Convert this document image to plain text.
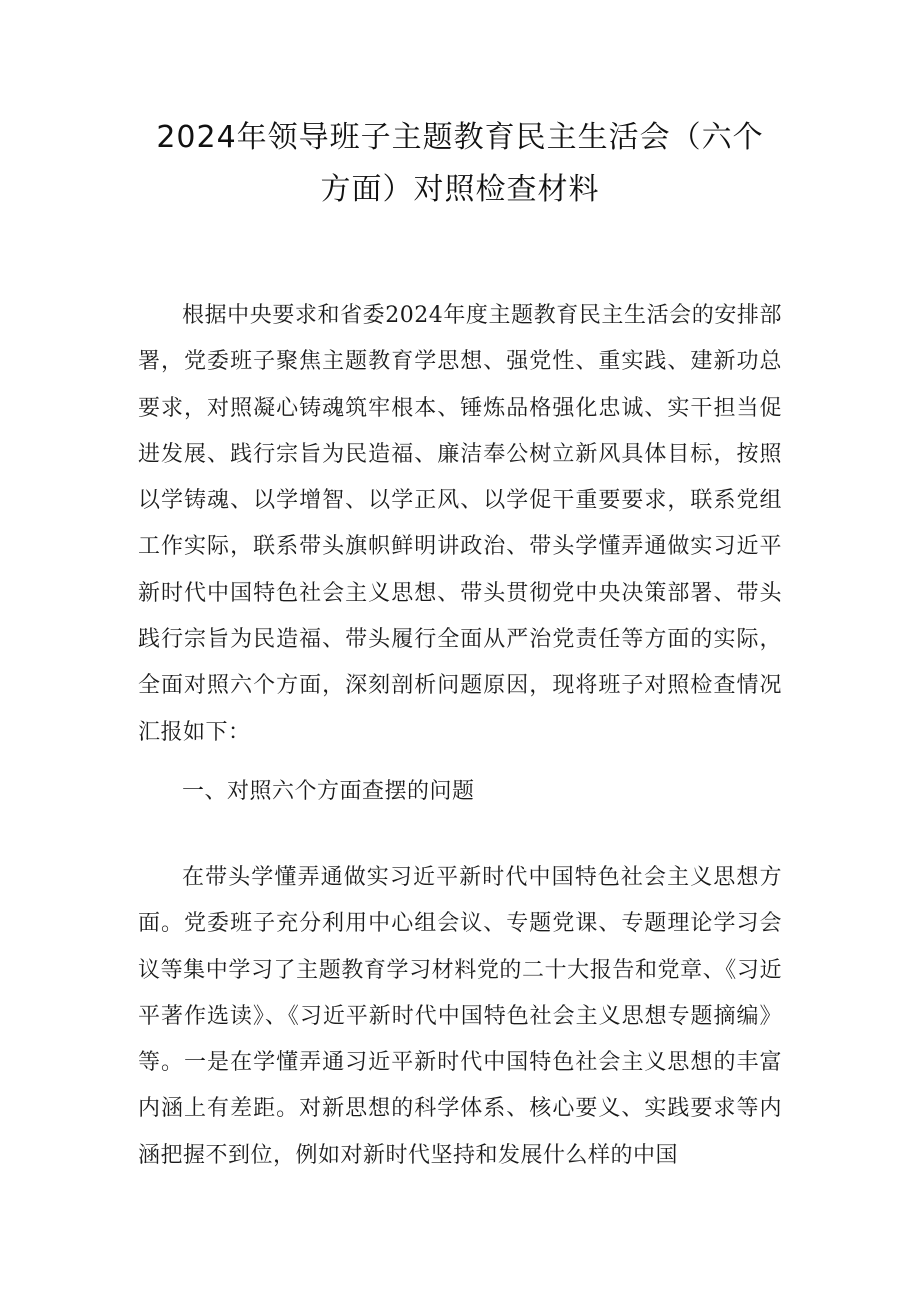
2024年领导班子主题教育民主生活会（六个
方面）对照检查材料

根据中央要求和省委2024年度主题教育民主生活会的安排部署，党委班子聚焦主题教育学思想、强党性、重实践、建新功总要求，对照凝心铸魂筑牢根本、锤炼品格强化忠诚、实干担当促进发展、践行宗旨为民造福、廉洁奉公树立新风具体目标，按照以学铸魂、以学增智、以学正风、以学促干重要要求，联系党组工作实际，联系带头旗帜鲜明讲政治、带头学懂弄通做实习近平新时代中国特色社会主义思想、带头贯彻党中央决策部署、带头践行宗旨为民造福、带头履行全面从严治党责任等方面的实际，全面对照六个方面，深刻剖析问题原因，现将班子对照检查情况汇报如下：

一、对照六个方面查摆的问题

在带头学懂弄通做实习近平新时代中国特色社会主义思想方面。党委班子充分利用中心组会议、专题党课、专题理论学习会议等集中学习了主题教育学习材料党的二十大报告和党章、《习近平著作选读》、《习近平新时代中国特色社会主义思想专题摘编》等。一是在学懂弄通习近平新时代中国特色社会主义思想的丰富内涵上有差距。对新思想的科学体系、核心要义、实践要求等内涵把握不到位，例如对新时代坚持和发展什么样的中国
